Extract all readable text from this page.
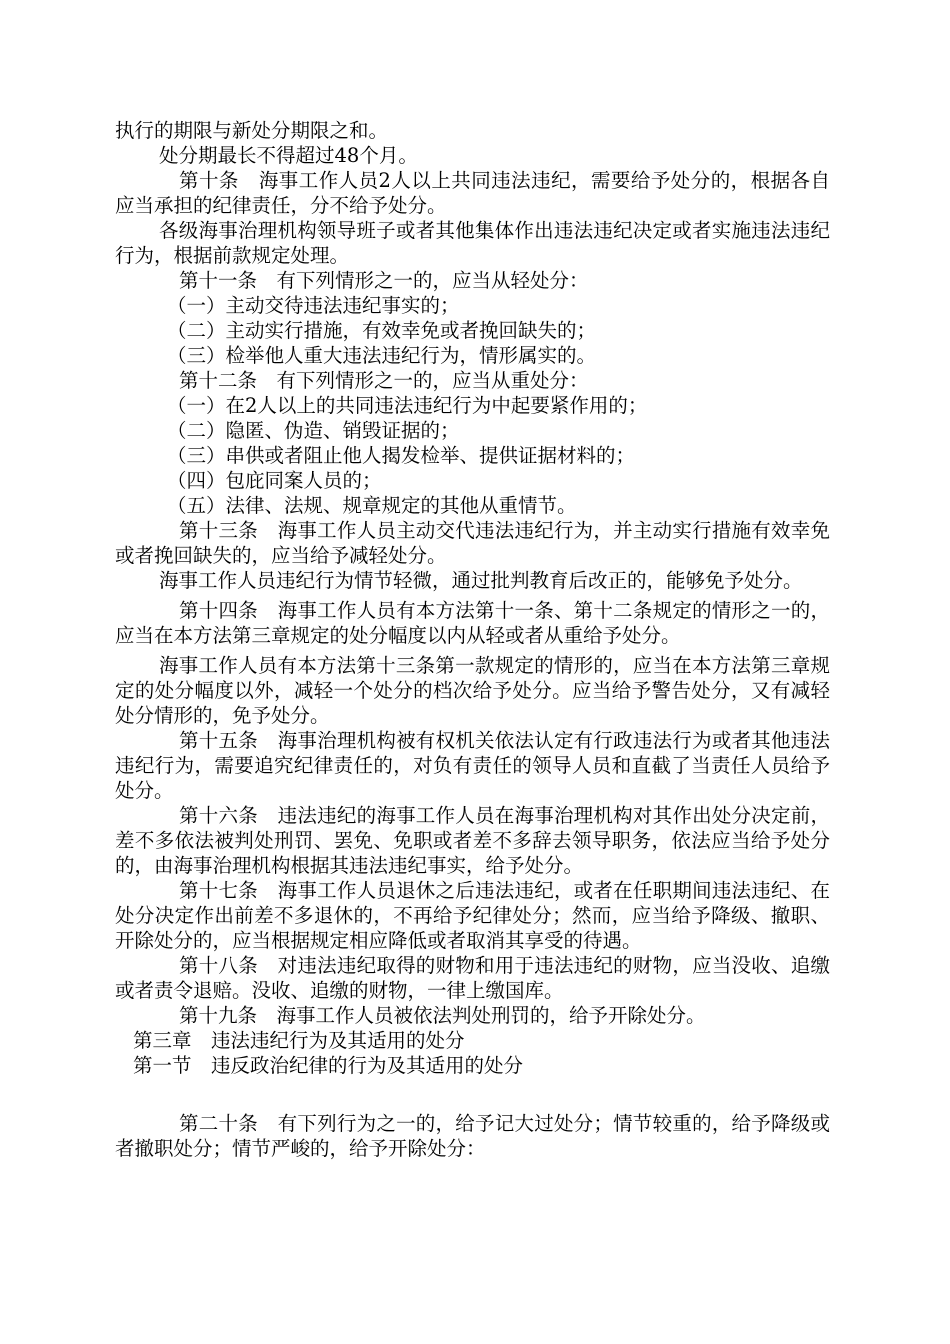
执行的期限与新处分期限之和。

处分期最长不得超过48个月。

第十条　海事工作人员2人以上共同违法违纪，需要给予处分的，根据各自应当承担的纪律责任，分不给予处分。

各级海事治理机构领导班子或者其他集体作出违法违纪决定或者实施违法违纪行为，根据前款规定处理。

第十一条　有下列情形之一的，应当从轻处分：

（一）主动交待违法违纪事实的；

（二）主动实行措施，有效幸免或者挽回缺失的；

（三）检举他人重大违法违纪行为，情形属实的。

第十二条　有下列情形之一的，应当从重处分：

（一）在2人以上的共同违法违纪行为中起要紧作用的；

（二）隐匿、伪造、销毁证据的；

（三）串供或者阻止他人揭发检举、提供证据材料的；

（四）包庇同案人员的；

（五）法律、法规、规章规定的其他从重情节。

第十三条　海事工作人员主动交代违法违纪行为，并主动实行措施有效幸免或者挽回缺失的，应当给予减轻处分。

海事工作人员违纪行为情节轻微，通过批判教育后改正的，能够免予处分。

第十四条　海事工作人员有本方法第十一条、第十二条规定的情形之一的，应当在本方法第三章规定的处分幅度以内从轻或者从重给予处分。

海事工作人员有本方法第十三条第一款规定的情形的，应当在本方法第三章规定的处分幅度以外，减轻一个处分的档次给予处分。应当给予警告处分，又有减轻处分情形的，免予处分。

第十五条　海事治理机构被有权机关依法认定有行政违法行为或者其他违法违纪行为，需要追究纪律责任的，对负有责任的领导人员和直截了当责任人员给予处分。

第十六条　违法违纪的海事工作人员在海事治理机构对其作出处分决定前，差不多依法被判处刑罚、罢免、免职或者差不多辞去领导职务，依法应当给予处分的，由海事治理机构根据其违法违纪事实，给予处分。

第十七条　海事工作人员退休之后违法违纪，或者在任职期间违法违纪、在处分决定作出前差不多退休的，不再给予纪律处分；然而，应当给予降级、撤职、开除处分的，应当根据规定相应降低或者取消其享受的待遇。

第十八条　对违法违纪取得的财物和用于违法违纪的财物，应当没收、追缴或者责令退赔。没收、追缴的财物，一律上缴国库。

第十九条　海事工作人员被依法判处刑罚的，给予开除处分。

第三章　违法违纪行为及其适用的处分

第一节　违反政治纪律的行为及其适用的处分

第二十条　有下列行为之一的，给予记大过处分；情节较重的，给予降级或者撤职处分；情节严峻的，给予开除处分：
